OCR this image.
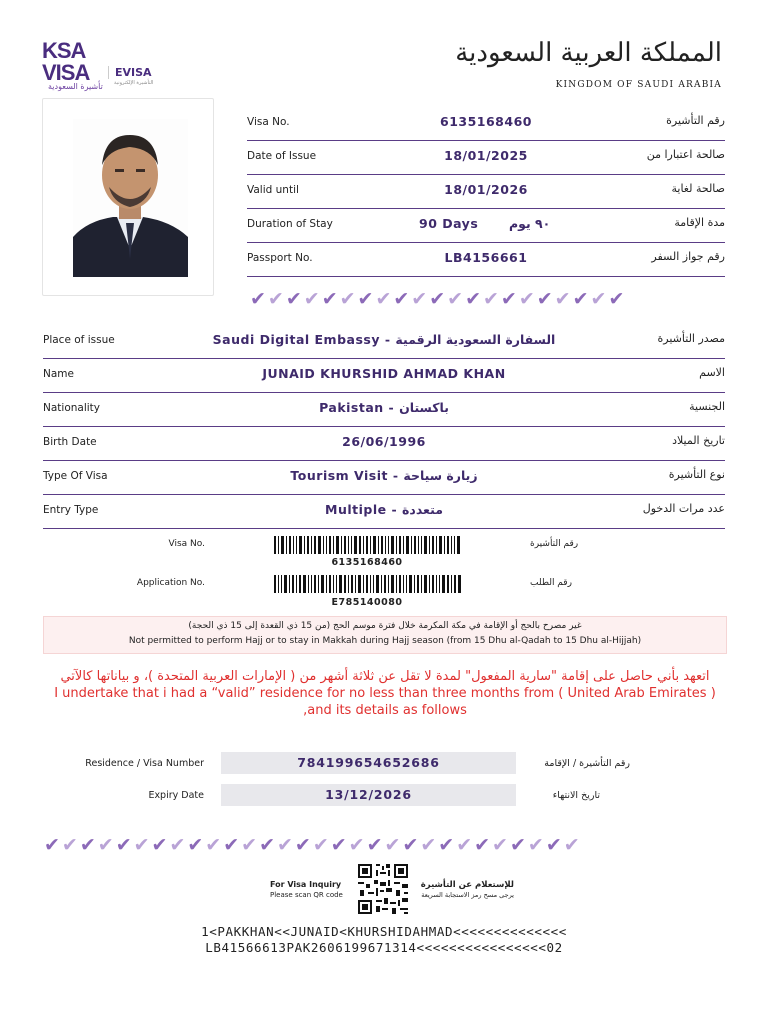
KSA
VISA
تأشيرة السعودية
EVISA
التأشيرة الإلكترونية
المملكة العربية السعودية
KINGDOM OF SAUDI ARABIA
Visa No.	6135168460	رقم التأشيرة
Date of Issue	18/01/2025	صالحة اعتبارا من
Valid until	18/01/2026	صالحة لغاية
Duration of Stay	90 Days	٩٠ يوم	مدة الإقامة
Passport No.	LB4156661	رقم جواز السفر
✔✔✔✔✔✔✔✔✔✔✔✔✔✔✔✔✔✔✔✔✔
Place of issue	Saudi Digital Embassy - السفارة السعودية الرقمية	مصدر التأشيرة
Name	JUNAID KHURSHID AHMAD KHAN	الاسم
Nationality	Pakistan - باكستان	الجنسية
Birth Date	26/06/1996	تاريخ الميلاد
Type Of Visa	Tourism Visit - زيارة سياحة	نوع التأشيرة
Entry Type	Multiple - متعددة	عدد مرات الدخول
Visa No.	رقم التأشيرة
6135168460
Application No.	رقم الطلب
E785140080
غير مصرح بالحج أو الإقامة في مكة المكرمة خلال فترة موسم الحج (من 15 ذي القعدة إلى 15 ذي الحجة)
Not permitted to perform Hajj or to stay in Makkah during Hajj season (from 15 Dhu al-Qadah to 15 Dhu al-Hijjah)
اتعهد بأني حاصل على إقامة "سارية المفعول" لمدة لا تقل عن ثلاثة أشهر من ( الإمارات العربية المتحدة )، و بياناتها كالآتي
I undertake that i had a “valid” residence for no less than three months from ( United Arab Emirates ) ,and its details as follows
Residence / Visa Number	784199654652686	رقم التأشيرة / الإقامة
Expiry Date	13/12/2026	تاريخ الانتهاء
✔✔✔✔✔✔✔✔✔✔✔✔✔✔✔✔✔✔✔✔✔✔✔✔✔✔✔✔✔✔
For Visa Inquiry
Please scan QR code
للإستعلام عن التأشيرة
يرجى مسح رمز الاستجابة السريعة
1<PAKKHAN<<JUNAID<KHURSHIDAHMAD<<<<<<<<<<<<<<
LB41566613PAK2606199671314<<<<<<<<<<<<<<<<02
